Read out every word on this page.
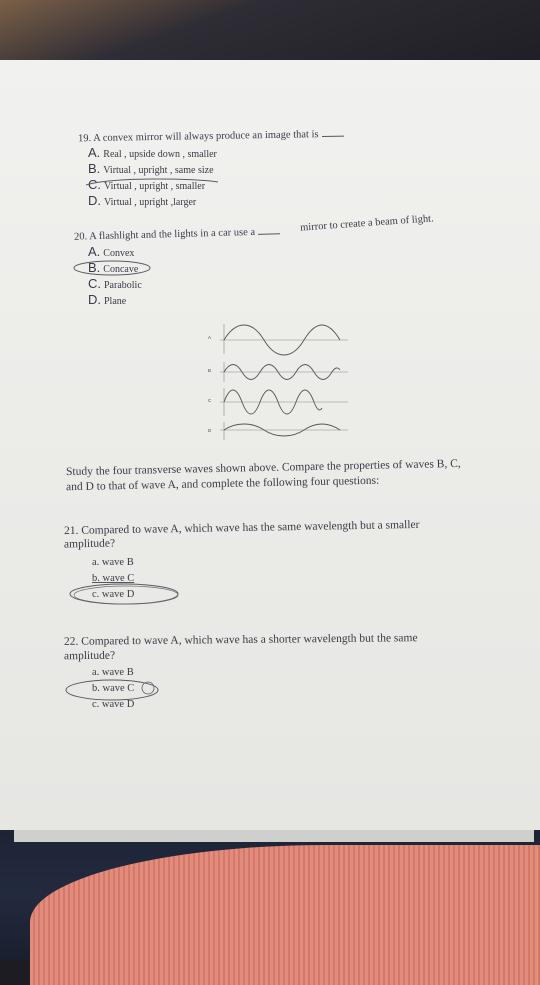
19. A convex mirror will always produce an image that is
A. Real , upside down , smaller
B. Virtual , upright , same size
C. Virtual , upright , smaller
D. Virtual , upright ,larger
20. A flashlight and the lights in a car use a
mirror to create a beam of light.
A. Convex
B. Concave
C. Parabolic
D. Plane
A
B
C
D
Study the four transverse waves shown above. Compare the properties of waves B, C,
and D to that of wave A, and complete the following four questions:
21. Compared to wave A, which wave has the same wavelength but a smaller
amplitude?
a. wave B
b. wave C
c. wave D
22. Compared to wave A, which wave has a shorter wavelength but the same
amplitude?
a. wave B
b. wave C
c. wave D
